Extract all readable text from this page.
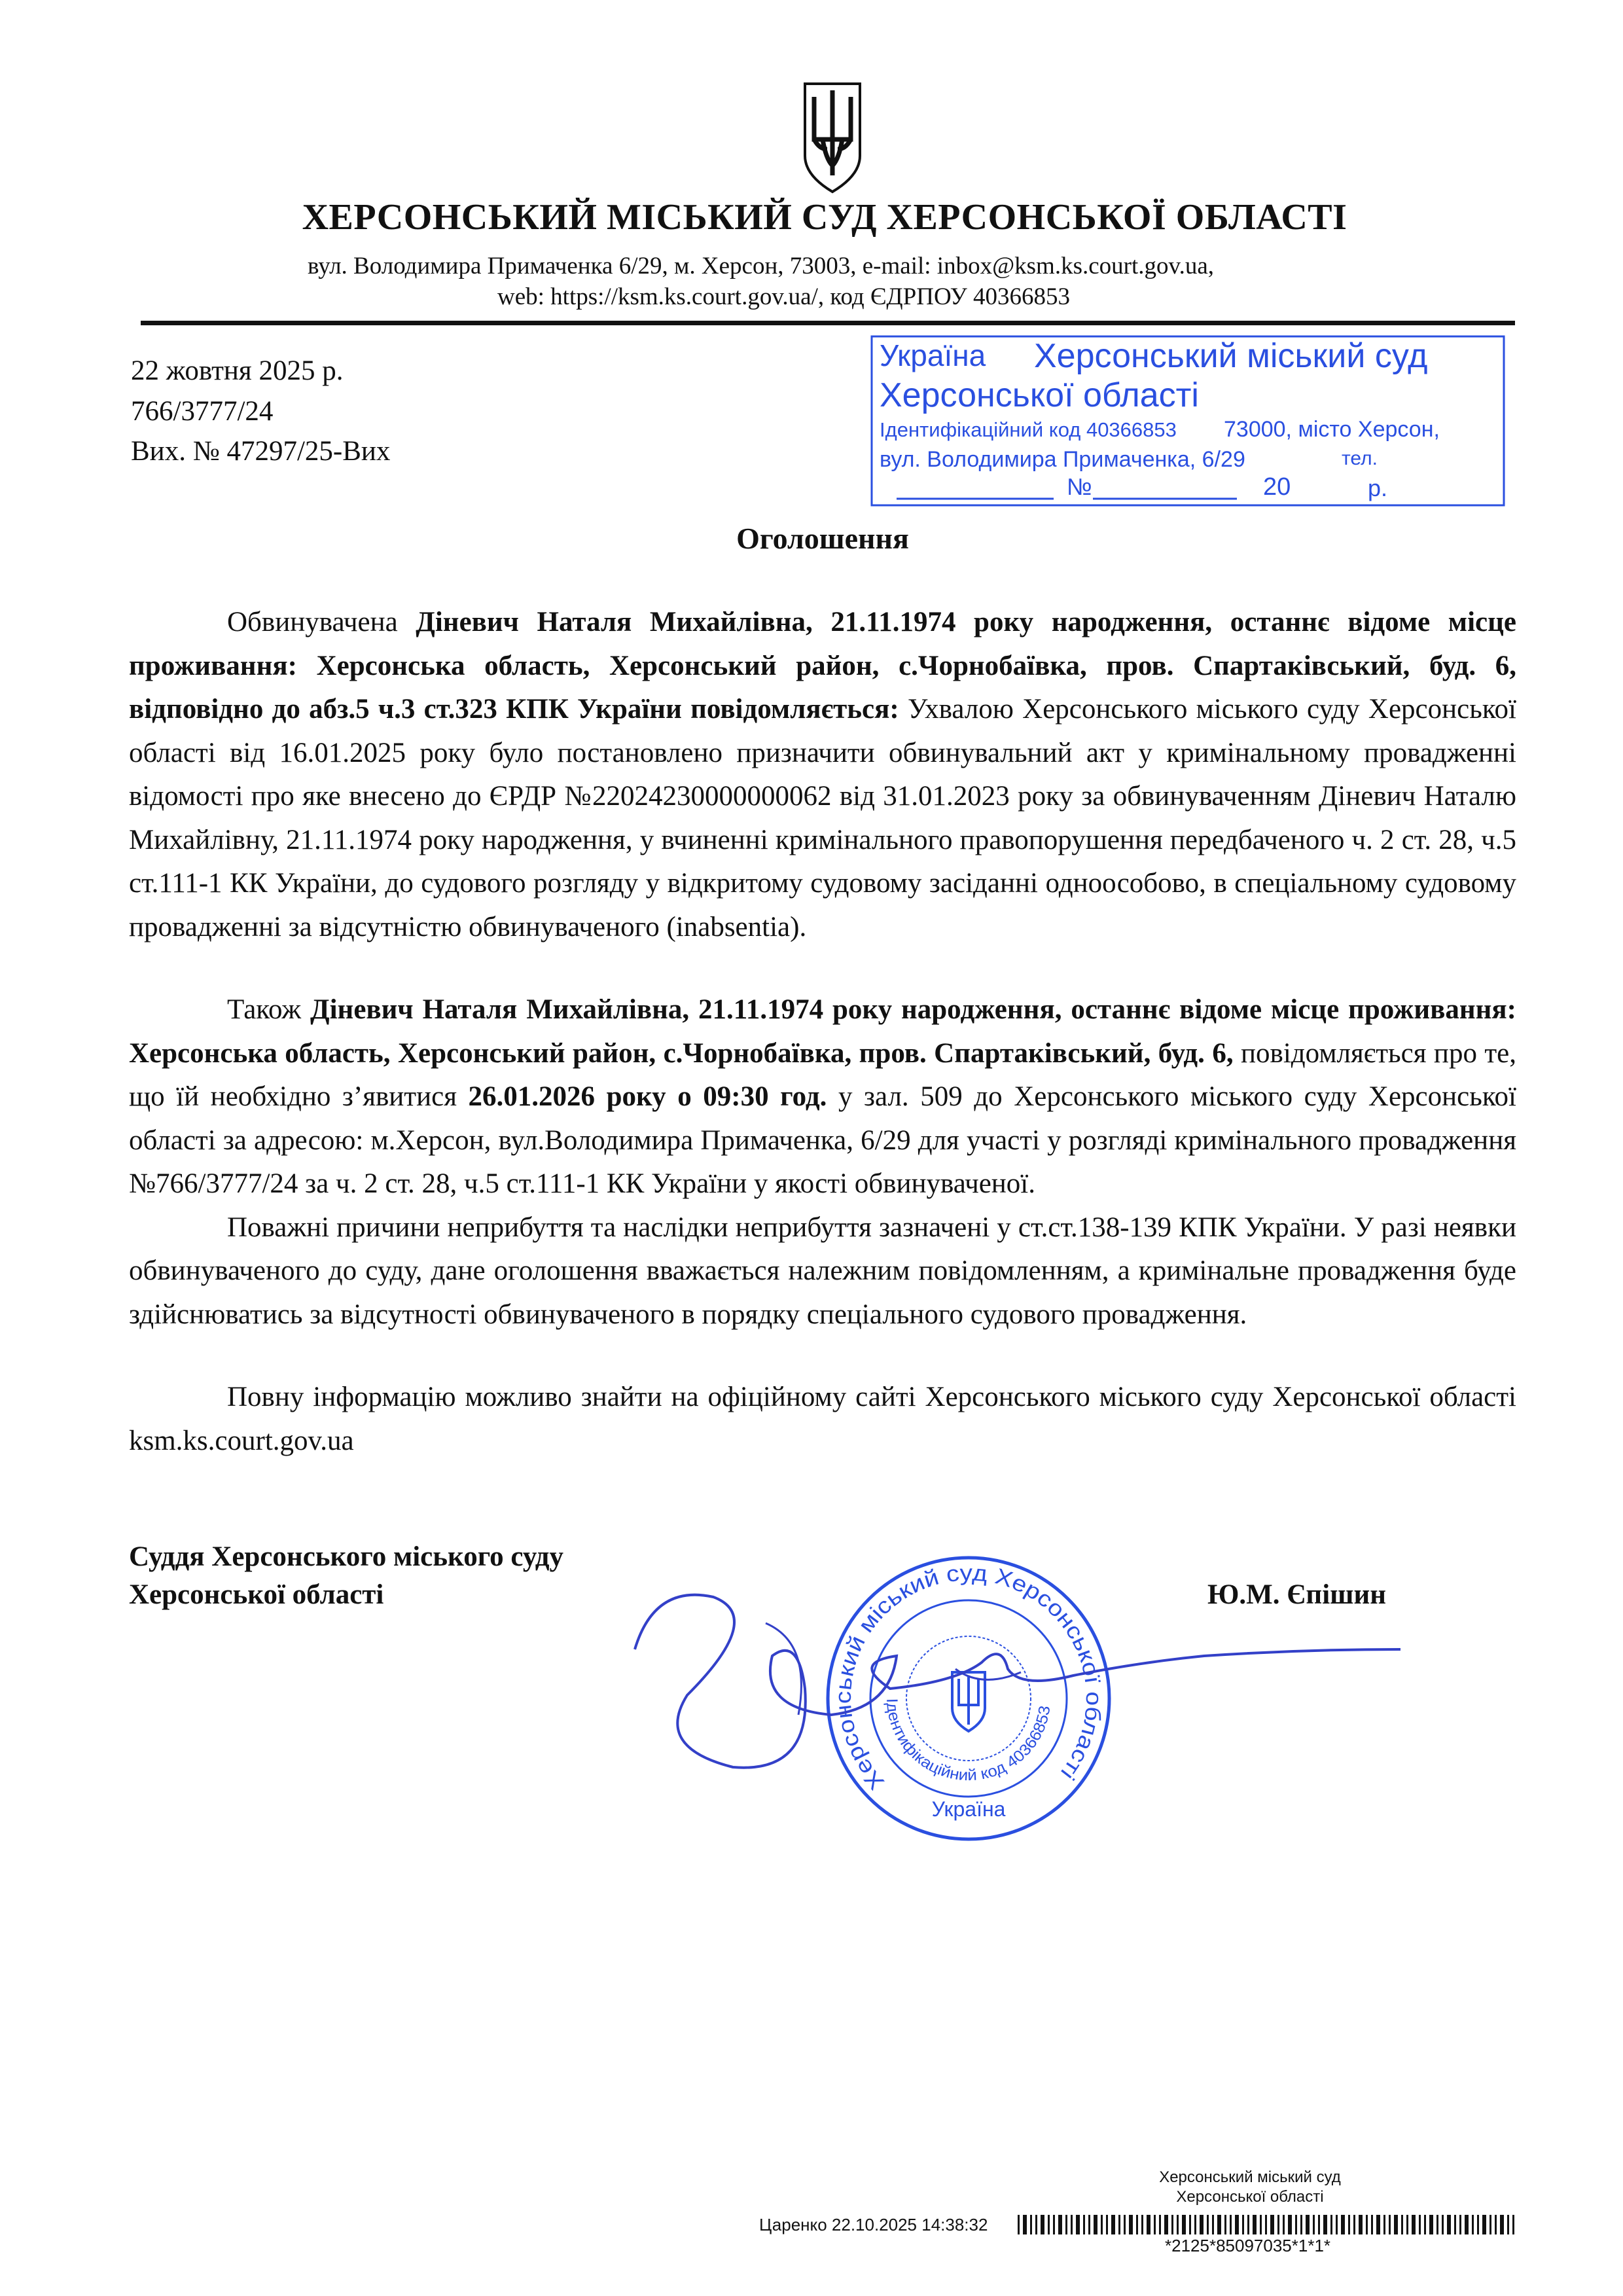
ХЕРСОНСЬКИЙ МІСЬКИЙ СУД ХЕРСОНСЬКОЇ ОБЛАСТІ
вул. Володимира Примаченка 6/29, м. Херсон, 73003, e-mail: inbox@ksm.ks.court.gov.ua,
web: https://ksm.ks.court.gov.ua/, код ЄДРПОУ 40366853
22 жовтня 2025 р.
766/3777/24
Вих. № 47297/25-Вих
Україна Херсонський міський суд
Херсонської області
Ідентифікаційний код 40366853 73000, місто Херсон,
вул. Володимира Примаченка, 6/29	тел.
№	20	р.
Оголошення

Обвинувачена Діневич Наталя Михайлівна, 21.11.1974 року народження, останнє відоме місце проживання: Херсонська область, Херсонський район, с.Чорнобаївка, пров. Спартаківський, буд. 6, відповідно до абз.5 ч.3 ст.323 КПК України повідомляється: Ухвалою Херсонського міського суду Херсонської області від 16.01.2025 року було постановлено призначити обвинувальний акт у кримінальному провадженні відомості про яке внесено до ЄРДР №22024230000000062 від 31.01.2023 року за обвинуваченням Діневич Наталю Михайлівну, 21.11.1974 року народження, у вчиненні кримінального правопорушення передбаченого ч. 2 ст. 28, ч.5 ст.111-1 КК України, до судового розгляду у відкритому судовому засіданні одноособово, в спеціальному судовому провадженні за відсутністю обвинуваченого (inabsentia).

Також Діневич Наталя Михайлівна, 21.11.1974 року народження, останнє відоме місце проживання: Херсонська область, Херсонський район, с.Чорнобаївка, пров. Спартаківський, буд. 6, повідомляється про те, що їй необхідно з’явитися 26.01.2026 року о 09:30 год. у зал. 509 до Херсонського міського суду Херсонської області за адресою: м.Херсон, вул.Володимира Примаченка, 6/29 для участі у розгляді кримінального провадження №766/3777/24 за ч. 2 ст. 28, ч.5 ст.111-1 КК України у якості обвинуваченої.

Поважні причини неприбуття та наслідки неприбуття зазначені у ст.ст.138-139 КПК України. У разі неявки обвинуваченого до суду, дане оголошення вважається належним повідомленням, а кримінальне провадження буде здійснюватись за відсутності обвинуваченого в порядку спеціального судового провадження.

Повну інформацію можливо знайти на офіційному сайті Херсонського міського суду Херсонської області ksm.ks.court.gov.ua

Суддя Херсонського міського суду
Херсонської області	Ю.М. Єпішин
Херсонський міський суд Херсонської області
Ідентифікаційний код 40366853
Україна
Херсонський міський суд
Херсонської області
Царенко 22.10.2025 14:38:32
*2125*85097035*1*1*
